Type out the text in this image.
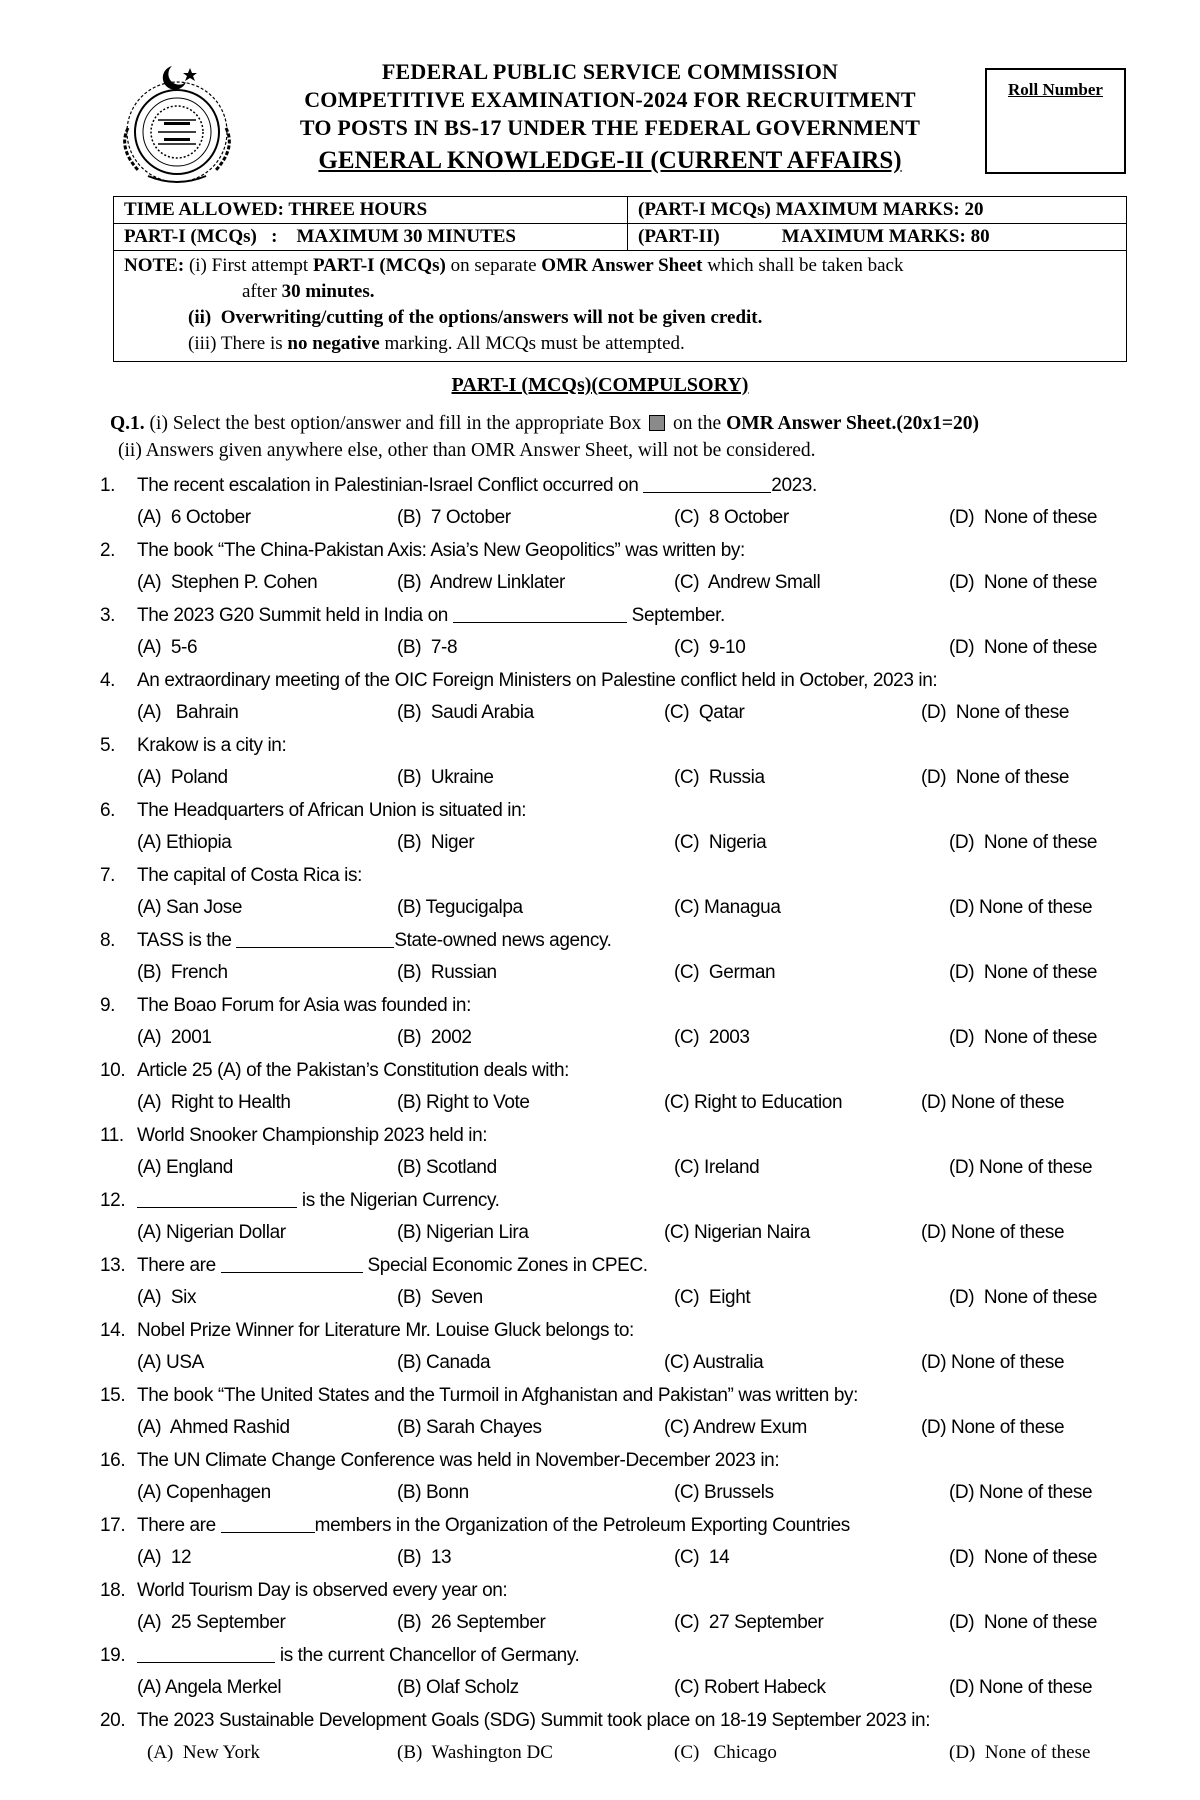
FEDERAL PUBLIC SERVICE COMMISSION
COMPETITIVE EXAMINATION-2024 FOR RECRUITMENT
TO POSTS IN BS-17 UNDER THE FEDERAL GOVERNMENT
GENERAL KNOWLEDGE-II (CURRENT AFFAIRS)
Roll Number
TIME ALLOWED: THREE HOURS	(PART-I MCQs) MAXIMUM MARKS: 20
PART-I (MCQs)   : MAXIMUM 30 MINUTES	(PART-II)	MAXIMUM MARKS: 80
NOTE: (i) First attempt PART-I (MCQs) on separate OMR Answer Sheet which shall be taken back
after 30 minutes.
(ii)  Overwriting/cutting of the options/answers will not be given credit.
(iii) There is no negative marking. All MCQs must be attempted.
PART-I (MCQs)(COMPULSORY)
Q.1. (i) Select the best option/answer and fill in the appropriate Box  on the OMR Answer Sheet.(20x1=20)
(ii) Answers given anywhere else, other than OMR Answer Sheet, will not be considered.
1. The recent escalation in Palestinian-Israel Conflict occurred on	2023.
(A)  6 October	(B)  7 October	(C)  8 October	(D)  None of these
2. The book “The China-Pakistan Axis: Asia’s New Geopolitics” was written by:
(A)  Stephen P. Cohen	(B)  Andrew Linklater	(C)  Andrew Small	(D)  None of these
3. The 2023 G20 Summit held in India on	September.
(A)  5-6	(B)  7-8	(C)  9-10	(D)  None of these
4. An extraordinary meeting of the OIC Foreign Ministers on Palestine conflict held in October, 2023 in:
(A)   Bahrain	(B)  Saudi Arabia	(C)  Qatar	(D)  None of these
5. Krakow is a city in:
(A)  Poland	(B)  Ukraine	(C)  Russia	(D)  None of these
6. The Headquarters of African Union is situated in:
(A) Ethiopia	(B)  Niger	(C)  Nigeria	(D)  None of these
7. The capital of Costa Rica is:
(A) San Jose	(B) Tegucigalpa	(C) Managua	(D) None of these
8. TASS is the	State-owned news agency.
(B)  French	(B)  Russian	(C)  German	(D)  None of these
9. The Boao Forum for Asia was founded in:
(A)  2001	(B)  2002	(C)  2003	(D)  None of these
10. Article 25 (A) of the Pakistan’s Constitution deals with:
(A)  Right to Health	(B) Right to Vote	(C) Right to Education	(D) None of these
11. World Snooker Championship 2023 held in:
(A) England	(B) Scotland	(C) Ireland	(D) None of these
12.	is the Nigerian Currency.
(A) Nigerian Dollar	(B) Nigerian Lira	(C) Nigerian Naira	(D) None of these
13. There are	Special Economic Zones in CPEC.
(A)  Six	(B)  Seven	(C)  Eight	(D)  None of these
14. Nobel Prize Winner for Literature Mr. Louise Gluck belongs to:
(A) USA	(B) Canada	(C) Australia	(D) None of these
15. The book “The United States and the Turmoil in Afghanistan and Pakistan” was written by:
(A)  Ahmed Rashid	(B) Sarah Chayes	(C) Andrew Exum	(D) None of these
16. The UN Climate Change Conference was held in November-December 2023 in:
(A) Copenhagen	(B) Bonn	(C) Brussels	(D) None of these
17. There are	members in the Organization of the Petroleum Exporting Countries
(A)  12	(B)  13	(C)  14	(D)  None of these
18. World Tourism Day is observed every year on:
(A)  25 September	(B)  26 September	(C)  27 September	(D)  None of these
19.	is the current Chancellor of Germany.
(A) Angela Merkel	(B) Olaf Scholz	(C) Robert Habeck	(D) None of these
20. The 2023 Sustainable Development Goals (SDG) Summit took place on 18-19 September 2023 in:
(A)  New York	(B)  Washington DC	(C)   Chicago	(D)  None of these
